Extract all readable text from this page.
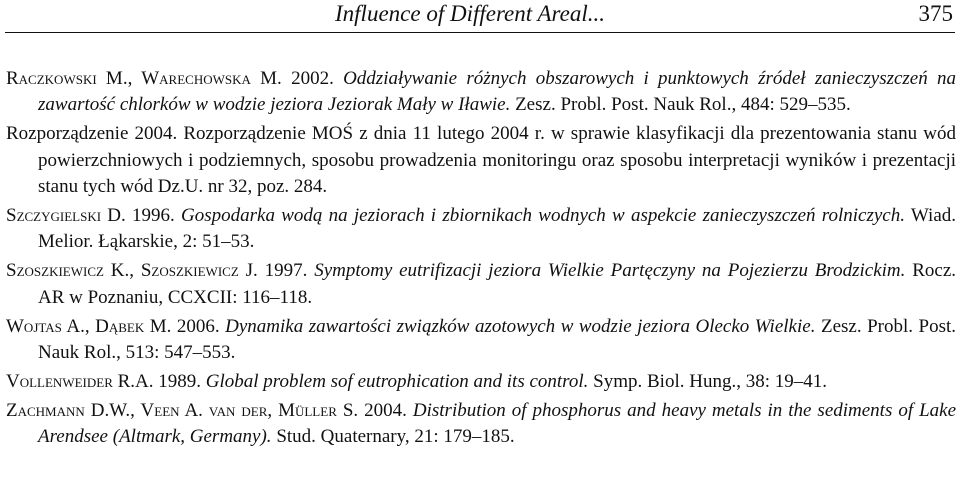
Influence of Different Areal...	375

Raczkowski M., Warechowska M. 2002. Oddziaływanie różnych obszarowych i punktowych źródeł zanieczyszczeń na zawartość chlorków w wodzie jeziora Jeziorak Mały w Iławie. Zesz. Probl. Post. Nauk Rol., 484: 529–535.

Rozporządzenie 2004. Rozporządzenie MOŚ z dnia 11 lutego 2004 r. w sprawie klasyfikacji dla prezentowania stanu wód powierzchniowych i podziemnych, sposobu prowadzenia monitoringu oraz sposobu interpretacji wyników i prezentacji stanu tych wód Dz.U. nr 32, poz. 284.

Szczygielski D. 1996. Gospodarka wodą na jeziorach i zbiornikach wodnych w aspekcie zanieczyszczeń rolniczych. Wiad. Melior. Łąkarskie, 2: 51–53.

Szoszkiewicz K., Szoszkiewicz J. 1997. Symptomy eutrifizacji jeziora Wielkie Partęczyny na Pojezierzu Brodzickim. Rocz. AR w Poznaniu, CCXCII: 116–118.

Wojtas A., Dąbek M. 2006. Dynamika zawartości związków azotowych w wodzie jeziora Olecko Wielkie. Zesz. Probl. Post. Nauk Rol., 513: 547–553.

Vollenweider R.A. 1989. Global problem sof eutrophication and its control. Symp. Biol. Hung., 38: 19–41.

Zachmann D.W., Veen A. van der, Müller S. 2004. Distribution of phosphorus and heavy metals in the sediments of Lake Arendsee (Altmark, Germany). Stud. Quaternary, 21: 179–185.
